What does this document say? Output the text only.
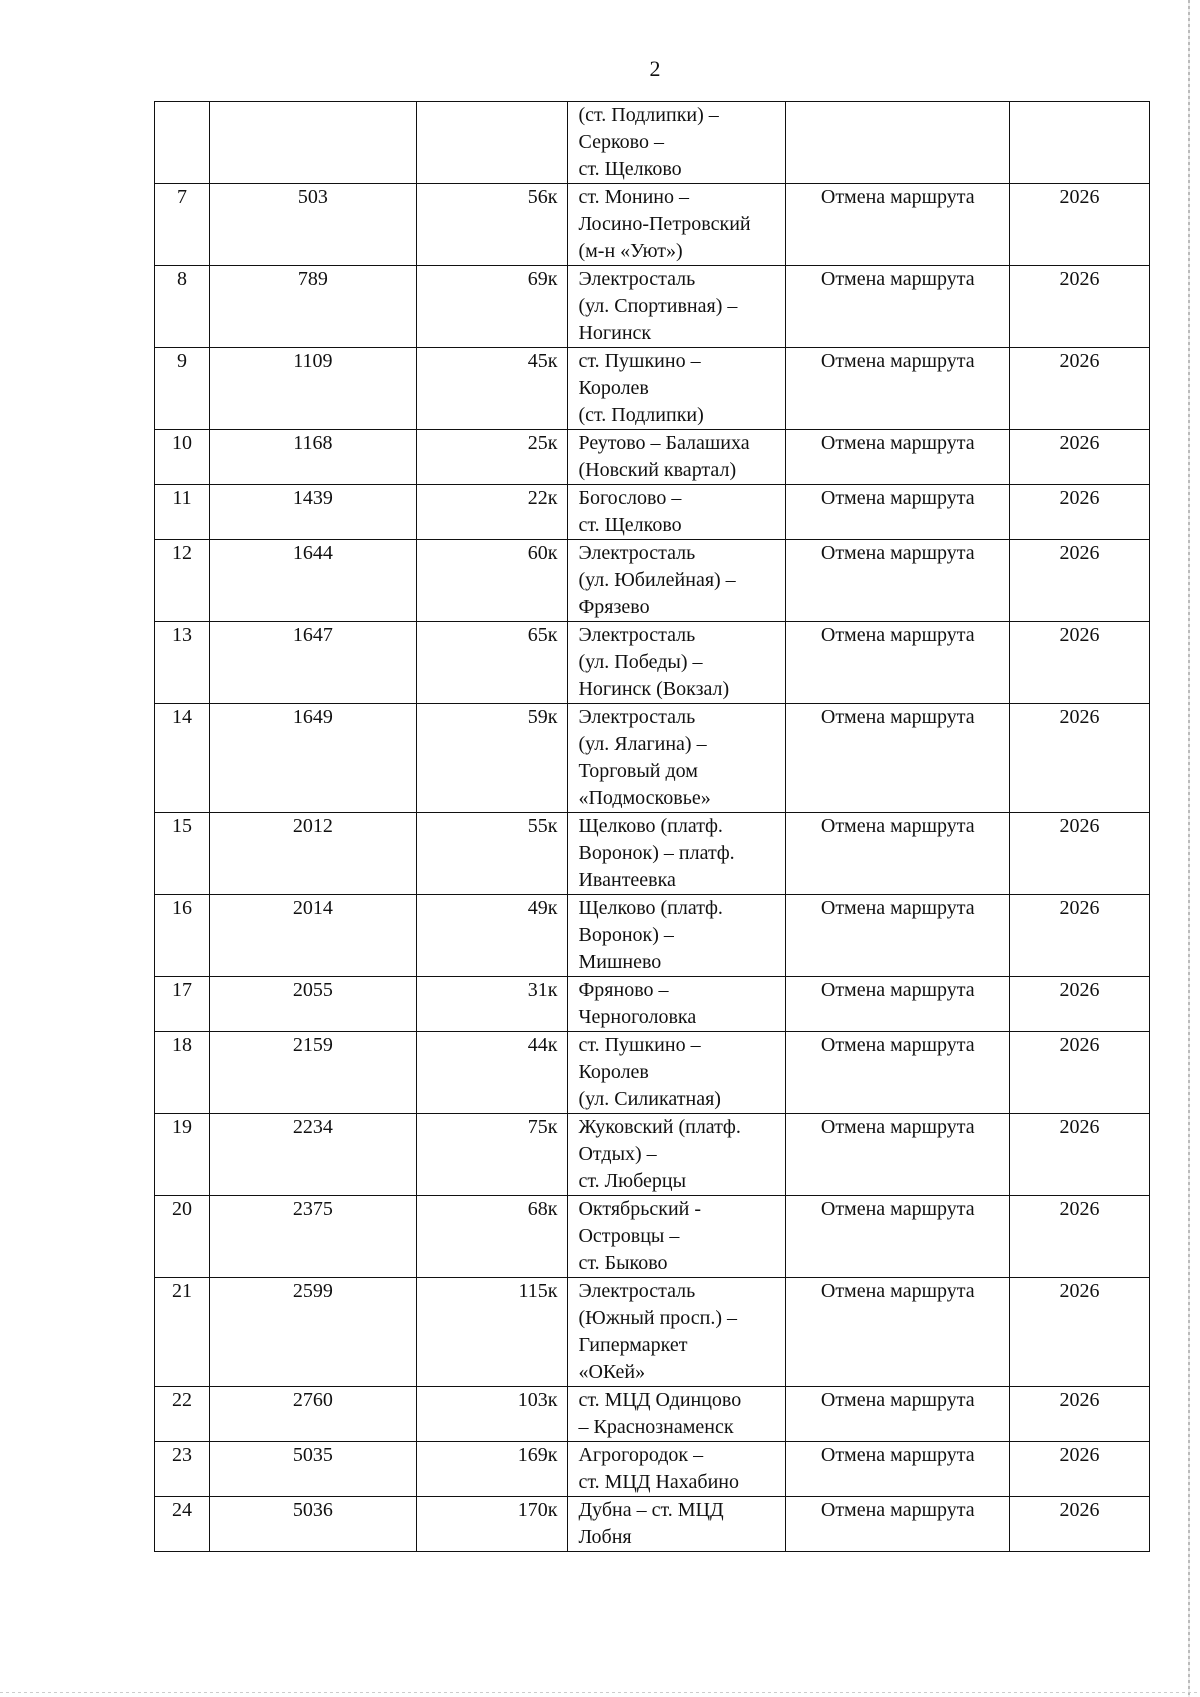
2
			(ст. Подлипки) –
Серково –
ст. Щелково		
7	503	56к	ст. Монино –
Лосино-Петровский
(м-н «Уют»)	Отмена маршрута	2026
8	789	69к	Электросталь
(ул. Спортивная) –
Ногинск	Отмена маршрута	2026
9	1109	45к	ст. Пушкино –
Королев
(ст. Подлипки)	Отмена маршрута	2026
10	1168	25к	Реутово – Балашиха
(Новский квартал)	Отмена маршрута	2026
11	1439	22к	Богослово –
ст. Щелково	Отмена маршрута	2026
12	1644	60к	Электросталь
(ул. Юбилейная) –
Фрязево	Отмена маршрута	2026
13	1647	65к	Электросталь
(ул. Победы) –
Ногинск (Вокзал)	Отмена маршрута	2026
14	1649	59к	Электросталь
(ул. Ялагина) –
Торговый дом
«Подмосковье»	Отмена маршрута	2026
15	2012	55к	Щелково (платф.
Воронок) – платф.
Ивантеевка	Отмена маршрута	2026
16	2014	49к	Щелково (платф.
Воронок) –
Мишнево	Отмена маршрута	2026
17	2055	31к	Фряново –
Черноголовка	Отмена маршрута	2026
18	2159	44к	ст. Пушкино –
Королев
(ул. Силикатная)	Отмена маршрута	2026
19	2234	75к	Жуковский (платф.
Отдых) –
ст. Люберцы	Отмена маршрута	2026
20	2375	68к	Октябрьский -
Островцы –
ст. Быково	Отмена маршрута	2026
21	2599	115к	Электросталь
(Южный просп.) –
Гипермаркет
«ОКей»	Отмена маршрута	2026
22	2760	103к	ст. МЦД Одинцово
– Краснознаменск	Отмена маршрута	2026
23	5035	169к	Агрогородок –
ст. МЦД Нахабино	Отмена маршрута	2026
24	5036	170к	Дубна – ст. МЦД
Лобня	Отмена маршрута	2026
